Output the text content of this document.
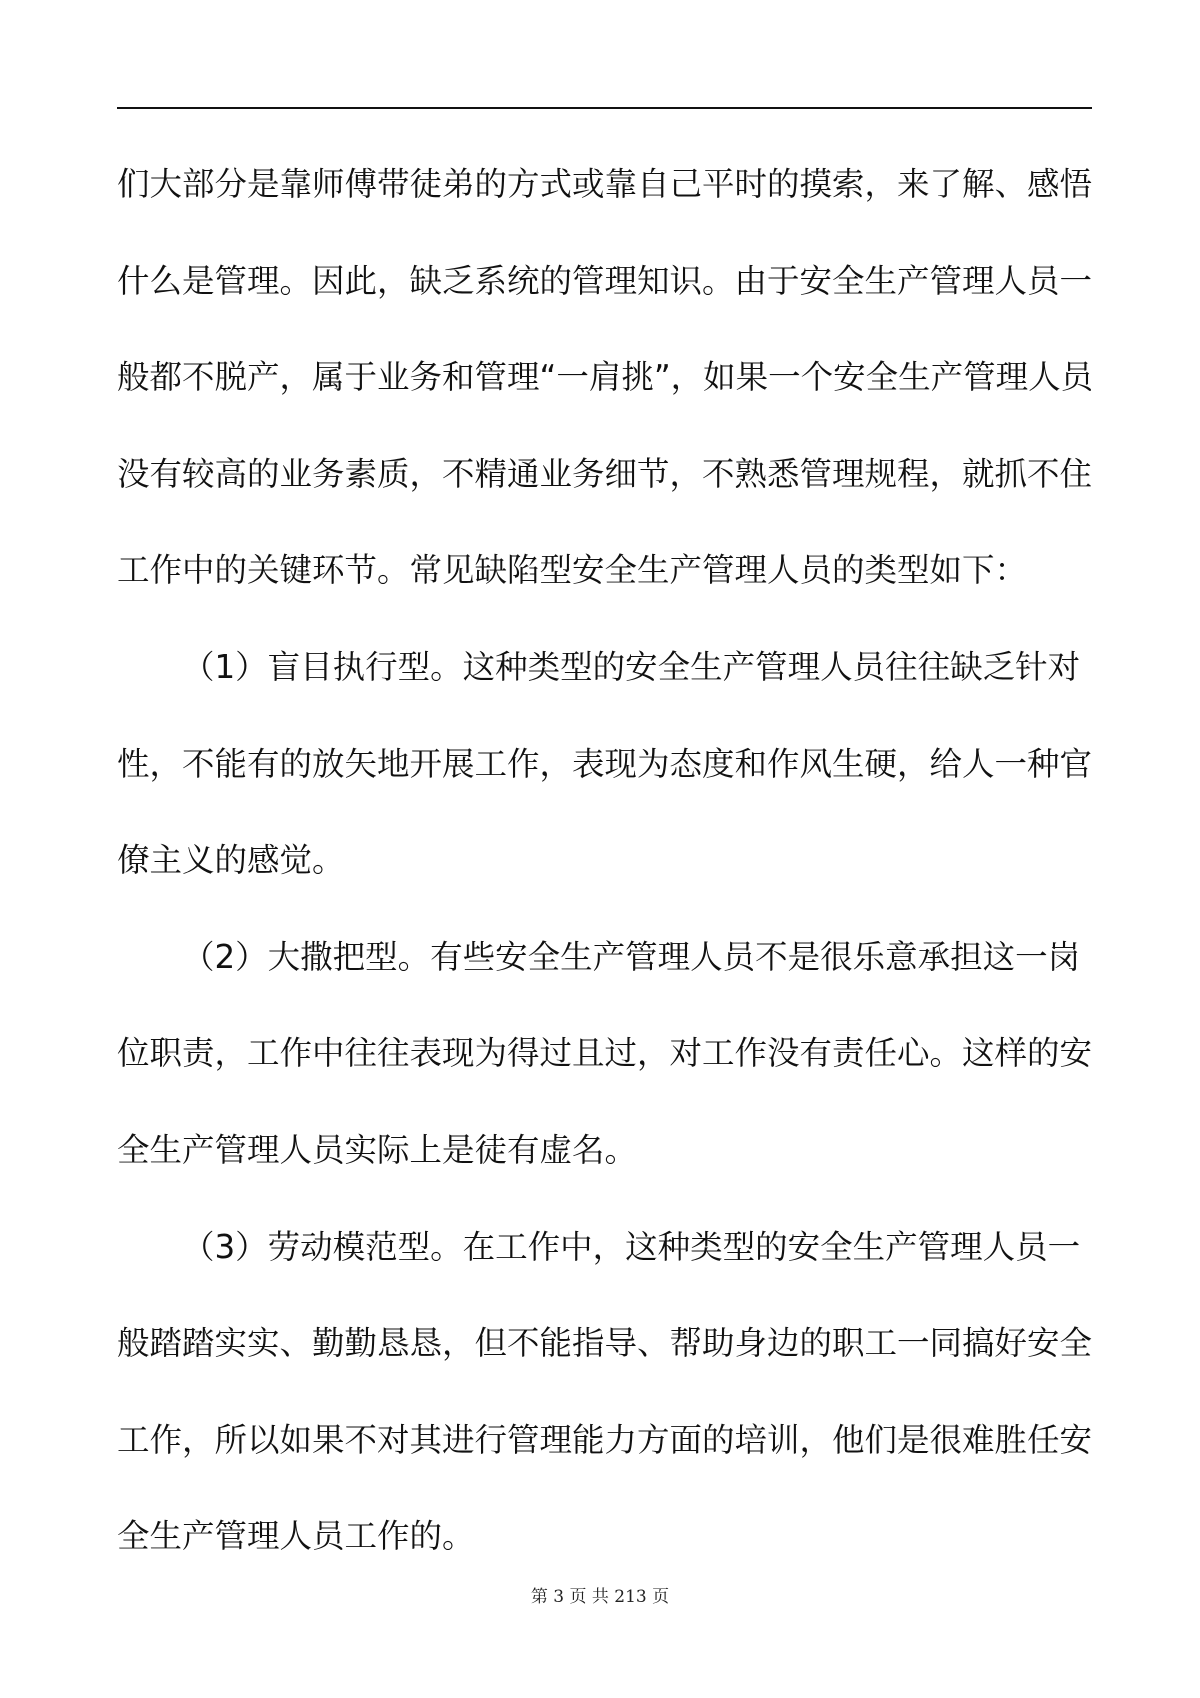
们大部分是靠师傅带徒弟的方式或靠自己平时的摸索，来了解、感悟

什么是管理。因此，缺乏系统的管理知识。由于安全生产管理人员一

般都不脱产，属于业务和管理“一肩挑”，如果一个安全生产管理人员

没有较高的业务素质，不精通业务细节，不熟悉管理规程，就抓不住

工作中的关键环节。常见缺陷型安全生产管理人员的类型如下：

（1）盲目执行型。这种类型的安全生产管理人员往往缺乏针对

性，不能有的放矢地开展工作，表现为态度和作风生硬，给人一种官

僚主义的感觉。

（2）大撒把型。有些安全生产管理人员不是很乐意承担这一岗

位职责，工作中往往表现为得过且过，对工作没有责任心。这样的安

全生产管理人员实际上是徒有虚名。

（3）劳动模范型。在工作中，这种类型的安全生产管理人员一

般踏踏实实、勤勤恳恳，但不能指导、帮助身边的职工一同搞好安全

工作，所以如果不对其进行管理能力方面的培训，他们是很难胜任安

全生产管理人员工作的。

第 3 页 共 213 页
